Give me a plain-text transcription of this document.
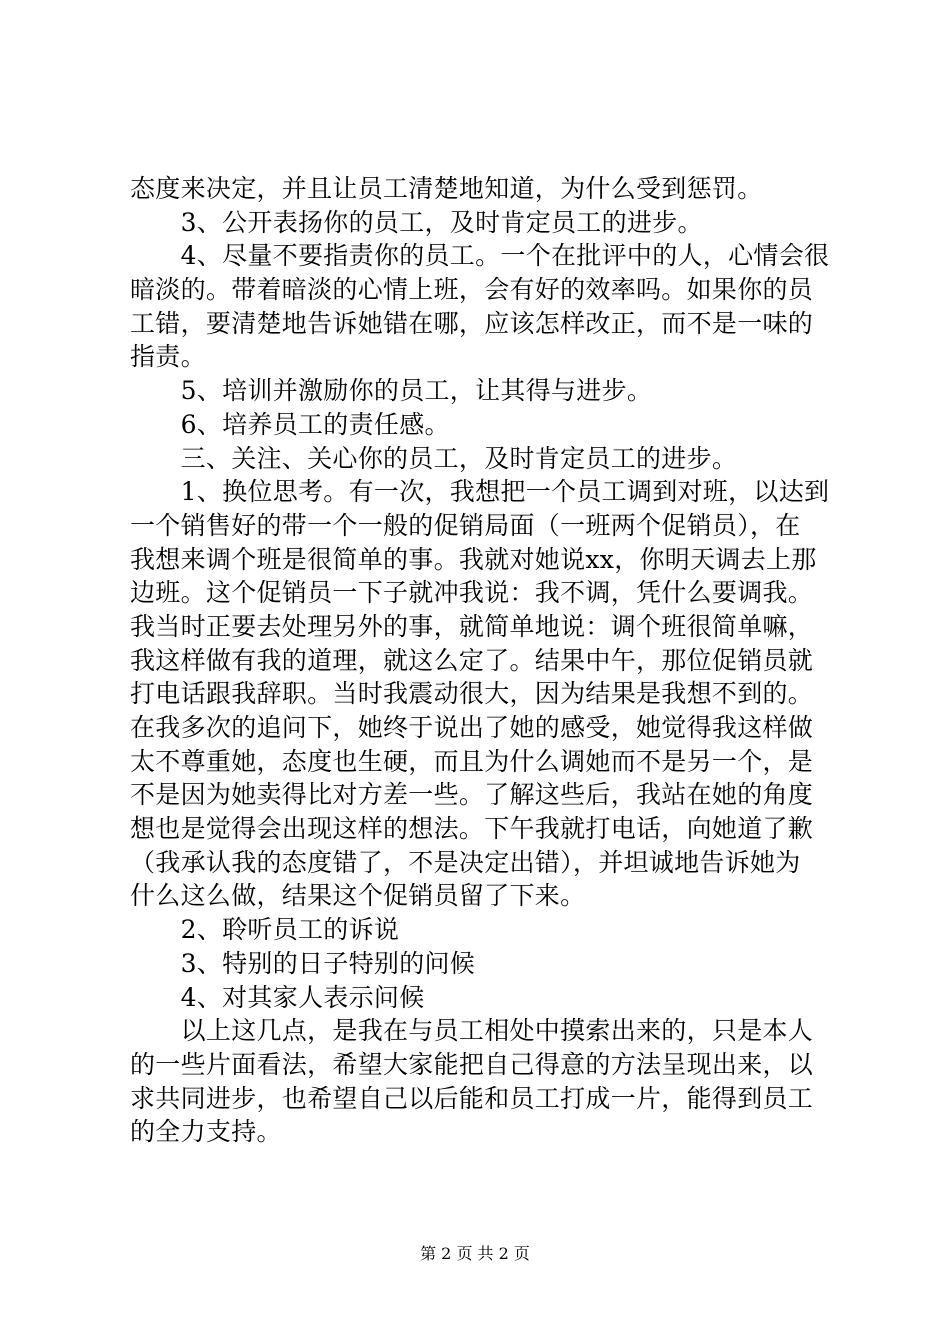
态度来决定，并且让员工清楚地知道，为什么受到惩罚。
　　3、公开表扬你的员工，及时肯定员工的进步。
　　4、尽量不要指责你的员工。一个在批评中的人，心情会很
暗淡的。带着暗淡的心情上班，会有好的效率吗。如果你的员
工错，要清楚地告诉她错在哪，应该怎样改正，而不是一味的
指责。
　　5、培训并激励你的员工，让其得与进步。
　　6、培养员工的责任感。
　　三、关注、关心你的员工，及时肯定员工的进步。
　　1、换位思考。有一次，我想把一个员工调到对班，以达到
一个销售好的带一个一般的促销局面（一班两个促销员），在
我想来调个班是很简单的事。我就对她说xx，你明天调去上那
边班。这个促销员一下子就冲我说：我不调，凭什么要调我。
我当时正要去处理另外的事，就简单地说：调个班很简单嘛，
我这样做有我的道理，就这么定了。结果中午，那位促销员就
打电话跟我辞职。当时我震动很大，因为结果是我想不到的。
在我多次的追问下，她终于说出了她的感受，她觉得我这样做
太不尊重她，态度也生硬，而且为什么调她而不是另一个，是
不是因为她卖得比对方差一些。了解这些后，我站在她的角度
想也是觉得会出现这样的想法。下午我就打电话，向她道了歉
（我承认我的态度错了，不是决定出错），并坦诚地告诉她为
什么这么做，结果这个促销员留了下来。
　　2、聆听员工的诉说
　　3、特别的日子特别的问候
　　4、对其家人表示问候
　　以上这几点，是我在与员工相处中摸索出来的，只是本人
的一些片面看法，希望大家能把自己得意的方法呈现出来，以
求共同进步，也希望自己以后能和员工打成一片，能得到员工
的全力支持。
第 2 页 共 2 页
